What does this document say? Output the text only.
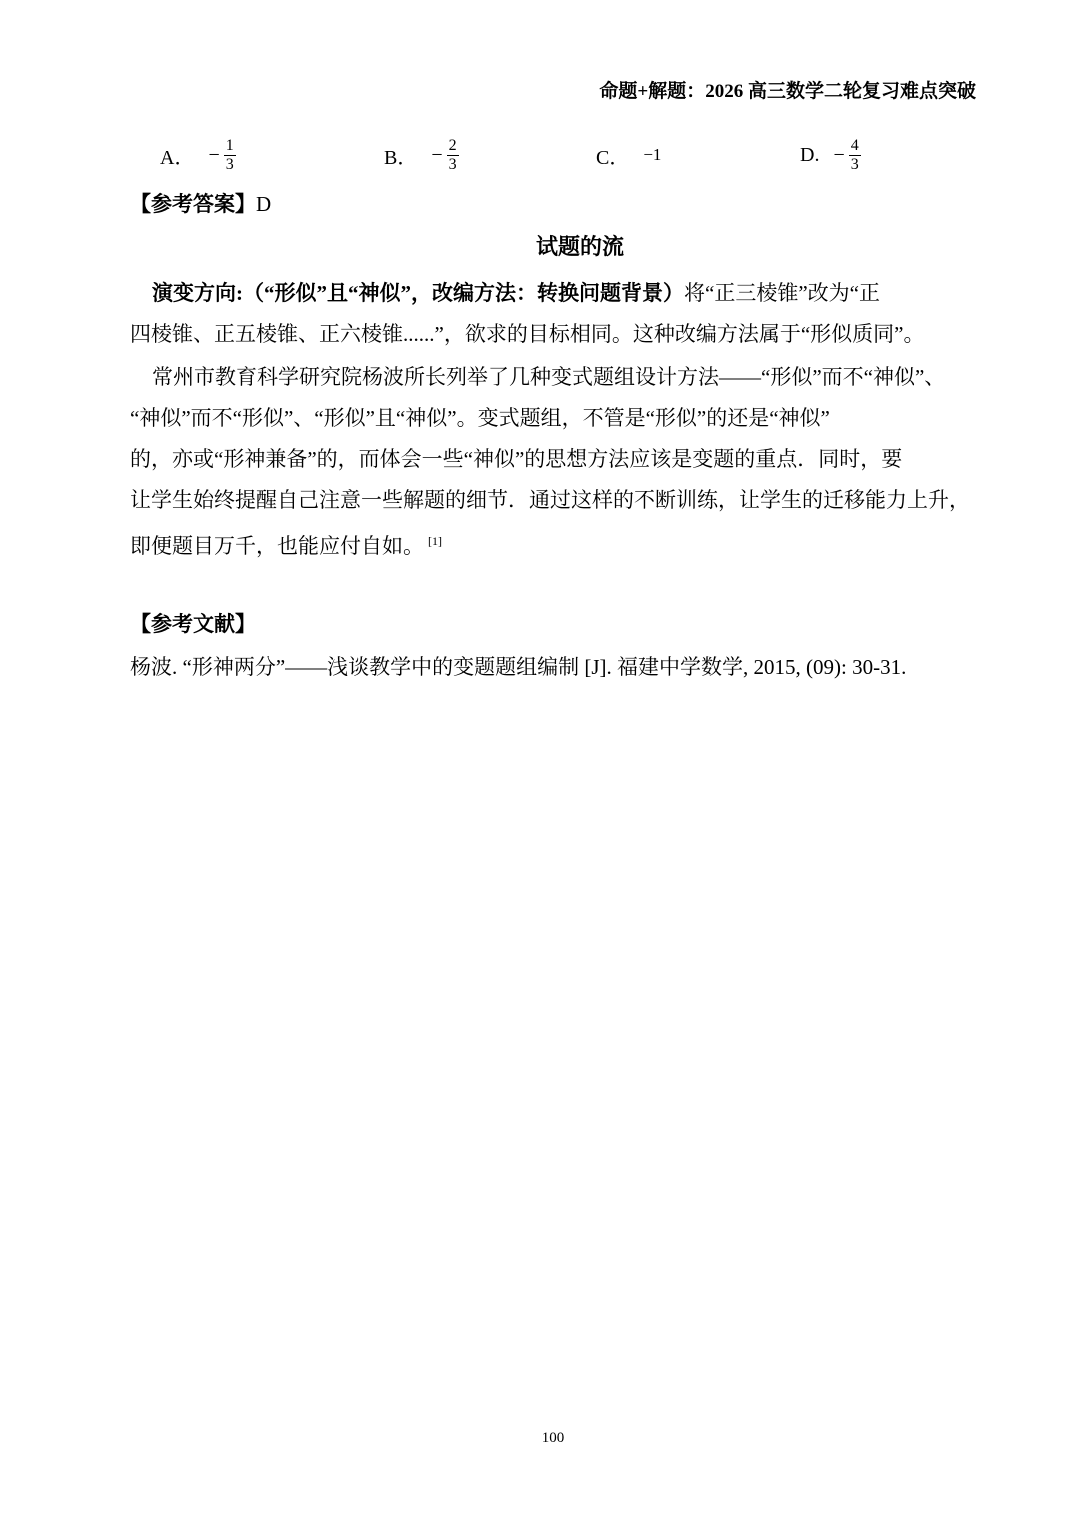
命题+解题：2026 高三数学二轮复习难点突破
A． − $\frac{1}{3}$	B． − $\frac{2}{3}$	C． −1	D. − $\frac{4}{3}$
【参考答案】D
试题的流
演变方向:（“形似”且“神似”，改编方法：转换问题背景）将“正三棱锥”改为“正
四棱锥、正五棱锥、正六棱锥......”，欲求的目标相同。这种改编方法属于“形似质同”。
常州市教育科学研究院杨波所长列举了几种变式题组设计方法——“形似”而不“神似”、
“神似”而不“形似”、“形似”且“神似”。变式题组，不管是“形似”的还是“神似”
的，亦或“形神兼备”的，而体会一些“神似”的思想方法应该是变题的重点．同时，要
让学生始终提醒自己注意一些解题的细节．通过这样的不断训练，让学生的迁移能力上升，
即便题目万千，也能应付自如。 [1]
【参考文献】
杨波. “形神两分”——浅谈教学中的变题题组编制 [J]. 福建中学数学, 2015, (09): 30-31.
100
